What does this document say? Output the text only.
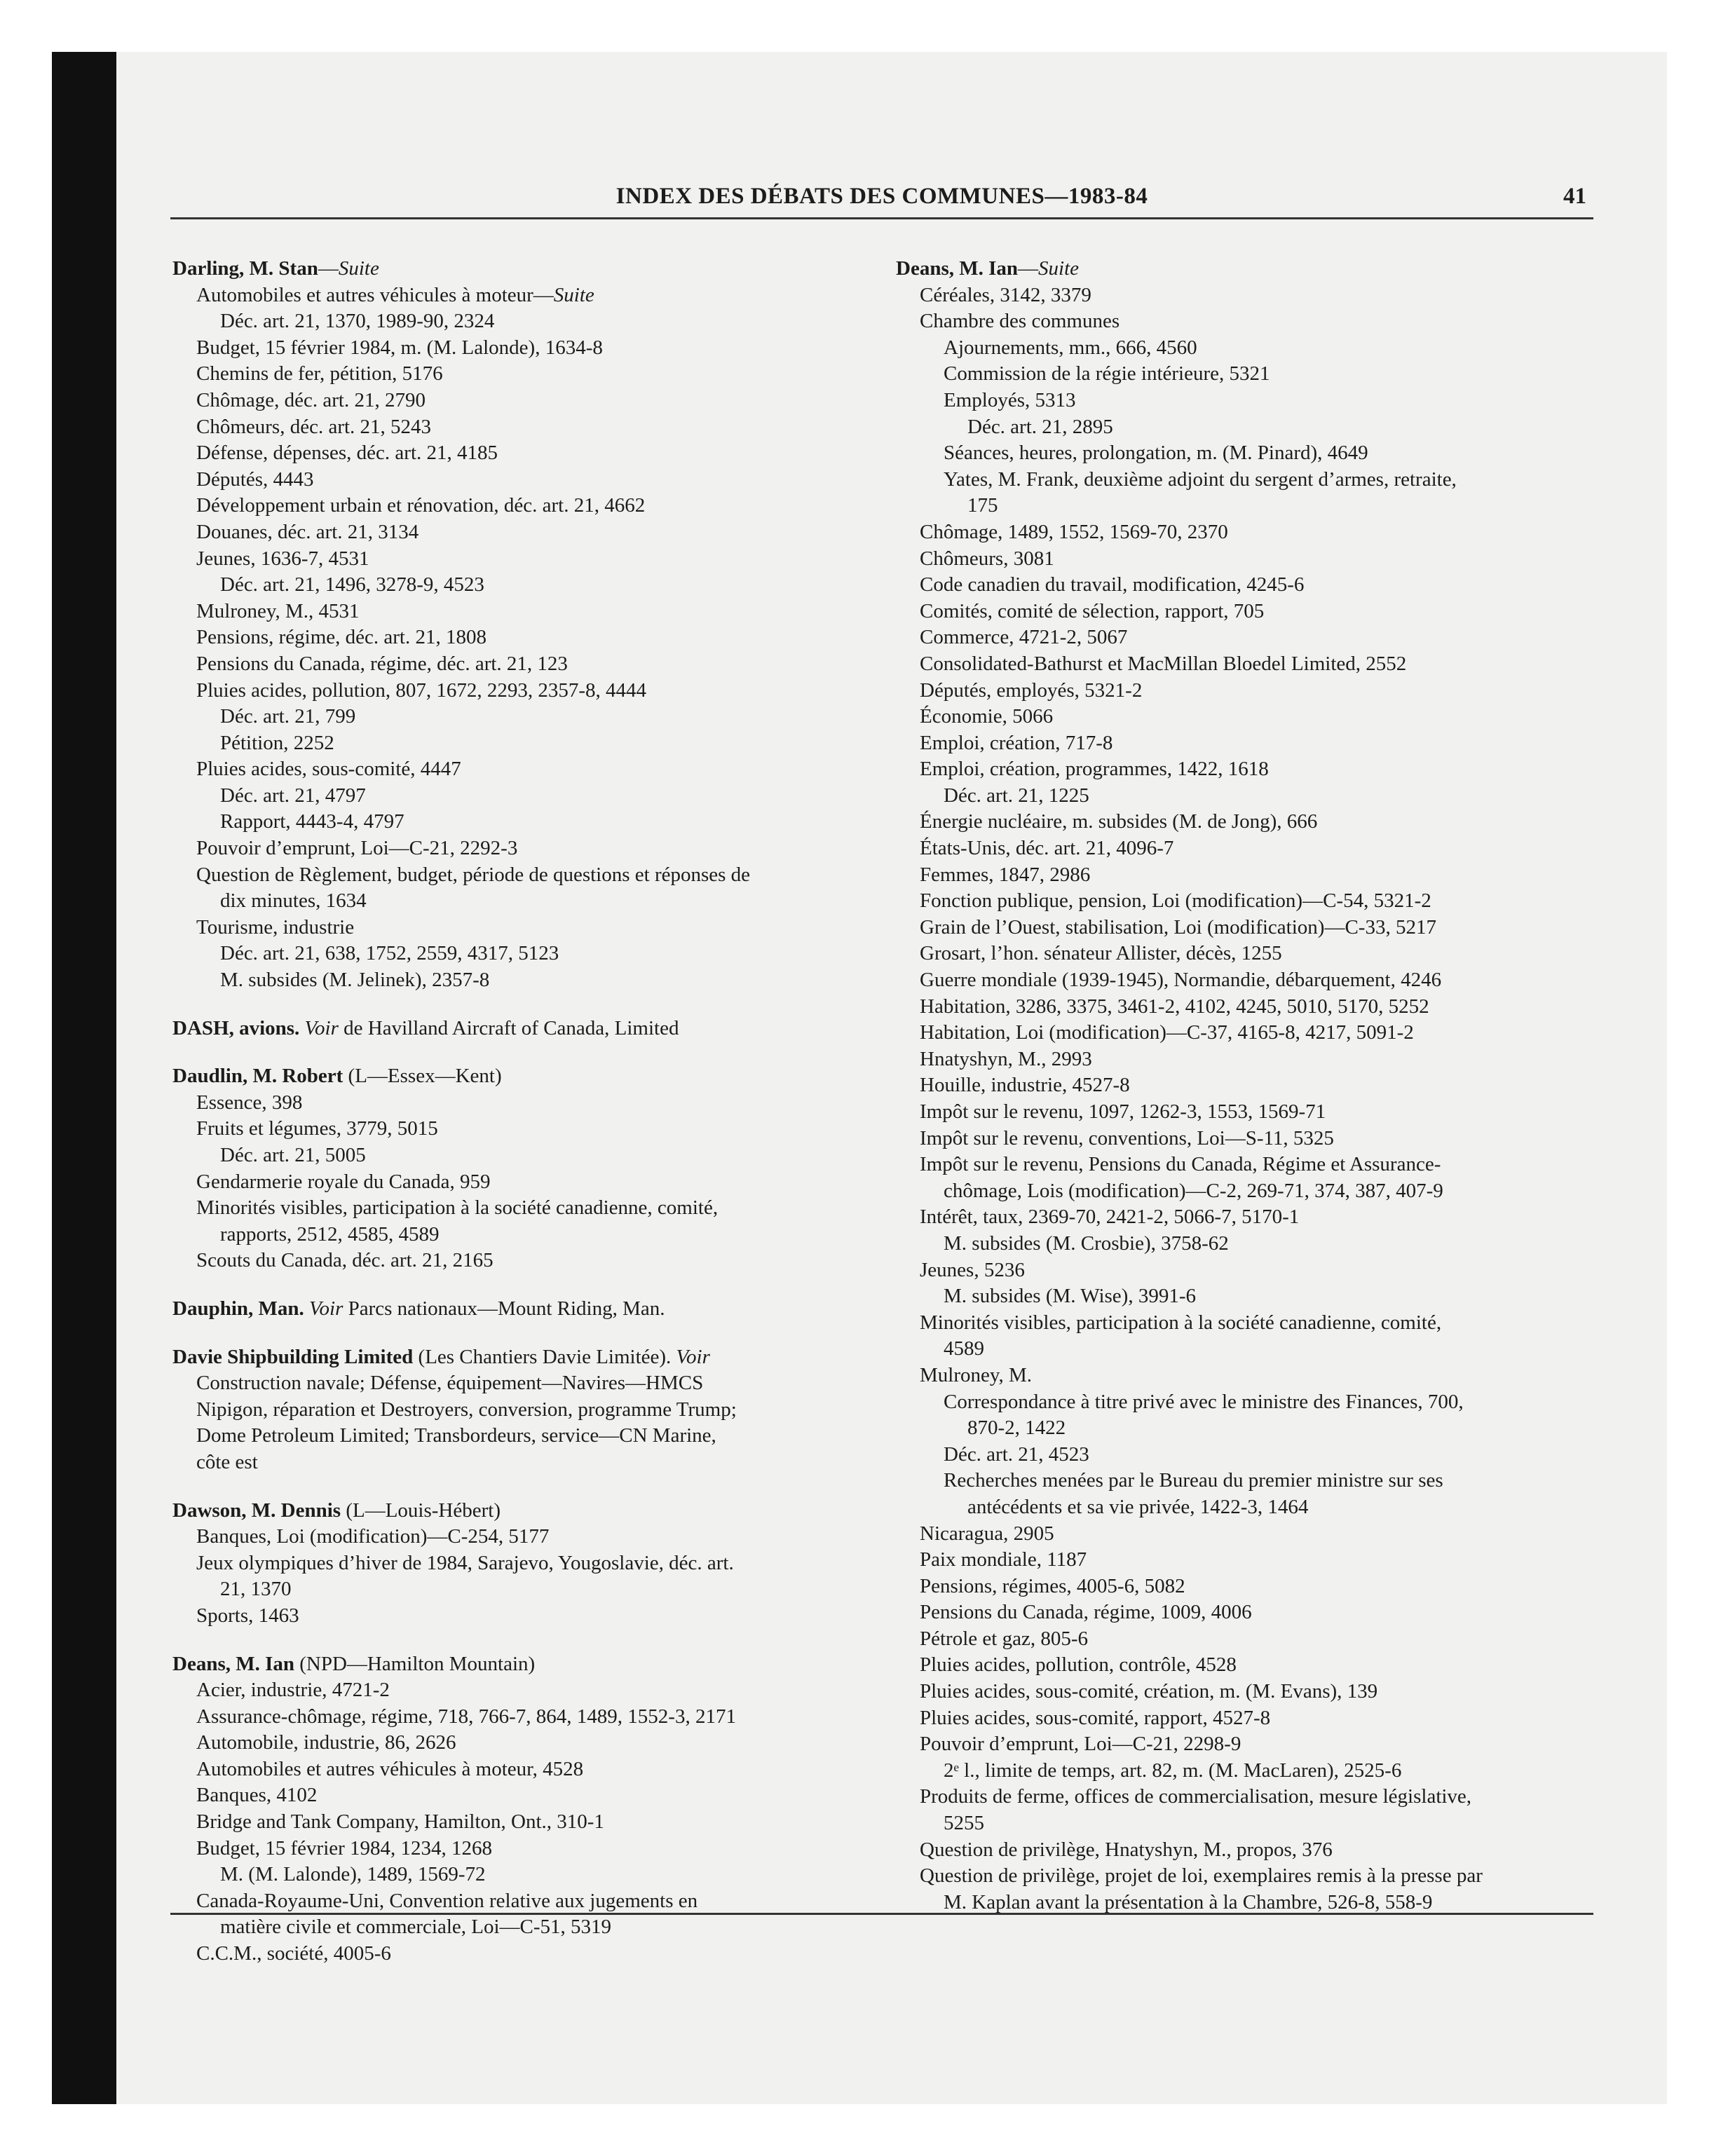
INDEX DES DÉBATS DES COMMUNES—1983-84	41
Darling, M. Stan—Suite
Automobiles et autres véhicules à moteur—Suite
Déc. art. 21, 1370, 1989-90, 2324
Budget, 15 février 1984, m. (M. Lalonde), 1634-8
Chemins de fer, pétition, 5176
Chômage, déc. art. 21, 2790
Chômeurs, déc. art. 21, 5243
Défense, dépenses, déc. art. 21, 4185
Députés, 4443
Développement urbain et rénovation, déc. art. 21, 4662
Douanes, déc. art. 21, 3134
Jeunes, 1636-7, 4531
Déc. art. 21, 1496, 3278-9, 4523
Mulroney, M., 4531
Pensions, régime, déc. art. 21, 1808
Pensions du Canada, régime, déc. art. 21, 123
Pluies acides, pollution, 807, 1672, 2293, 2357-8, 4444
Déc. art. 21, 799
Pétition, 2252
Pluies acides, sous-comité, 4447
Déc. art. 21, 4797
Rapport, 4443-4, 4797
Pouvoir d’emprunt, Loi—C-21, 2292-3
Question de Règlement, budget, période de questions et réponses de
dix minutes, 1634
Tourisme, industrie
Déc. art. 21, 638, 1752, 2559, 4317, 5123
M. subsides (M. Jelinek), 2357-8
DASH, avions. Voir de Havilland Aircraft of Canada, Limited
Daudlin, M. Robert (L—Essex—Kent)
Essence, 398
Fruits et légumes, 3779, 5015
Déc. art. 21, 5005
Gendarmerie royale du Canada, 959
Minorités visibles, participation à la société canadienne, comité,
rapports, 2512, 4585, 4589
Scouts du Canada, déc. art. 21, 2165
Dauphin, Man. Voir Parcs nationaux—Mount Riding, Man.
Davie Shipbuilding Limited (Les Chantiers Davie Limitée). Voir
Construction navale; Défense, équipement—Navires—HMCS
Nipigon, réparation et Destroyers, conversion, programme Trump;
Dome Petroleum Limited; Transbordeurs, service—CN Marine,
côte est
Dawson, M. Dennis (L—Louis-Hébert)
Banques, Loi (modification)—C-254, 5177
Jeux olympiques d’hiver de 1984, Sarajevo, Yougoslavie, déc. art.
21, 1370
Sports, 1463
Deans, M. Ian (NPD—Hamilton Mountain)
Acier, industrie, 4721-2
Assurance-chômage, régime, 718, 766-7, 864, 1489, 1552-3, 2171
Automobile, industrie, 86, 2626
Automobiles et autres véhicules à moteur, 4528
Banques, 4102
Bridge and Tank Company, Hamilton, Ont., 310-1
Budget, 15 février 1984, 1234, 1268
M. (M. Lalonde), 1489, 1569-72
Canada-Royaume-Uni, Convention relative aux jugements en
matière civile et commerciale, Loi—C-51, 5319
C.C.M., société, 4005-6
Deans, M. Ian—Suite
Céréales, 3142, 3379
Chambre des communes
Ajournements, mm., 666, 4560
Commission de la régie intérieure, 5321
Employés, 5313
Déc. art. 21, 2895
Séances, heures, prolongation, m. (M. Pinard), 4649
Yates, M. Frank, deuxième adjoint du sergent d’armes, retraite,
175
Chômage, 1489, 1552, 1569-70, 2370
Chômeurs, 3081
Code canadien du travail, modification, 4245-6
Comités, comité de sélection, rapport, 705
Commerce, 4721-2, 5067
Consolidated-Bathurst et MacMillan Bloedel Limited, 2552
Députés, employés, 5321-2
Économie, 5066
Emploi, création, 717-8
Emploi, création, programmes, 1422, 1618
Déc. art. 21, 1225
Énergie nucléaire, m. subsides (M. de Jong), 666
États-Unis, déc. art. 21, 4096-7
Femmes, 1847, 2986
Fonction publique, pension, Loi (modification)—C-54, 5321-2
Grain de l’Ouest, stabilisation, Loi (modification)—C-33, 5217
Grosart, l’hon. sénateur Allister, décès, 1255
Guerre mondiale (1939-1945), Normandie, débarquement, 4246
Habitation, 3286, 3375, 3461-2, 4102, 4245, 5010, 5170, 5252
Habitation, Loi (modification)—C-37, 4165-8, 4217, 5091-2
Hnatyshyn, M., 2993
Houille, industrie, 4527-8
Impôt sur le revenu, 1097, 1262-3, 1553, 1569-71
Impôt sur le revenu, conventions, Loi—S-11, 5325
Impôt sur le revenu, Pensions du Canada, Régime et Assurance-
chômage, Lois (modification)—C-2, 269-71, 374, 387, 407-9
Intérêt, taux, 2369-70, 2421-2, 5066-7, 5170-1
M. subsides (M. Crosbie), 3758-62
Jeunes, 5236
M. subsides (M. Wise), 3991-6
Minorités visibles, participation à la société canadienne, comité,
4589
Mulroney, M.
Correspondance à titre privé avec le ministre des Finances, 700,
870-2, 1422
Déc. art. 21, 4523
Recherches menées par le Bureau du premier ministre sur ses
antécédents et sa vie privée, 1422-3, 1464
Nicaragua, 2905
Paix mondiale, 1187
Pensions, régimes, 4005-6, 5082
Pensions du Canada, régime, 1009, 4006
Pétrole et gaz, 805-6
Pluies acides, pollution, contrôle, 4528
Pluies acides, sous-comité, création, m. (M. Evans), 139
Pluies acides, sous-comité, rapport, 4527-8
Pouvoir d’emprunt, Loi—C-21, 2298-9
2ᵉ l., limite de temps, art. 82, m. (M. MacLaren), 2525-6
Produits de ferme, offices de commercialisation, mesure législative,
5255
Question de privilège, Hnatyshyn, M., propos, 376
Question de privilège, projet de loi, exemplaires remis à la presse par
M. Kaplan avant la présentation à la Chambre, 526-8, 558-9
